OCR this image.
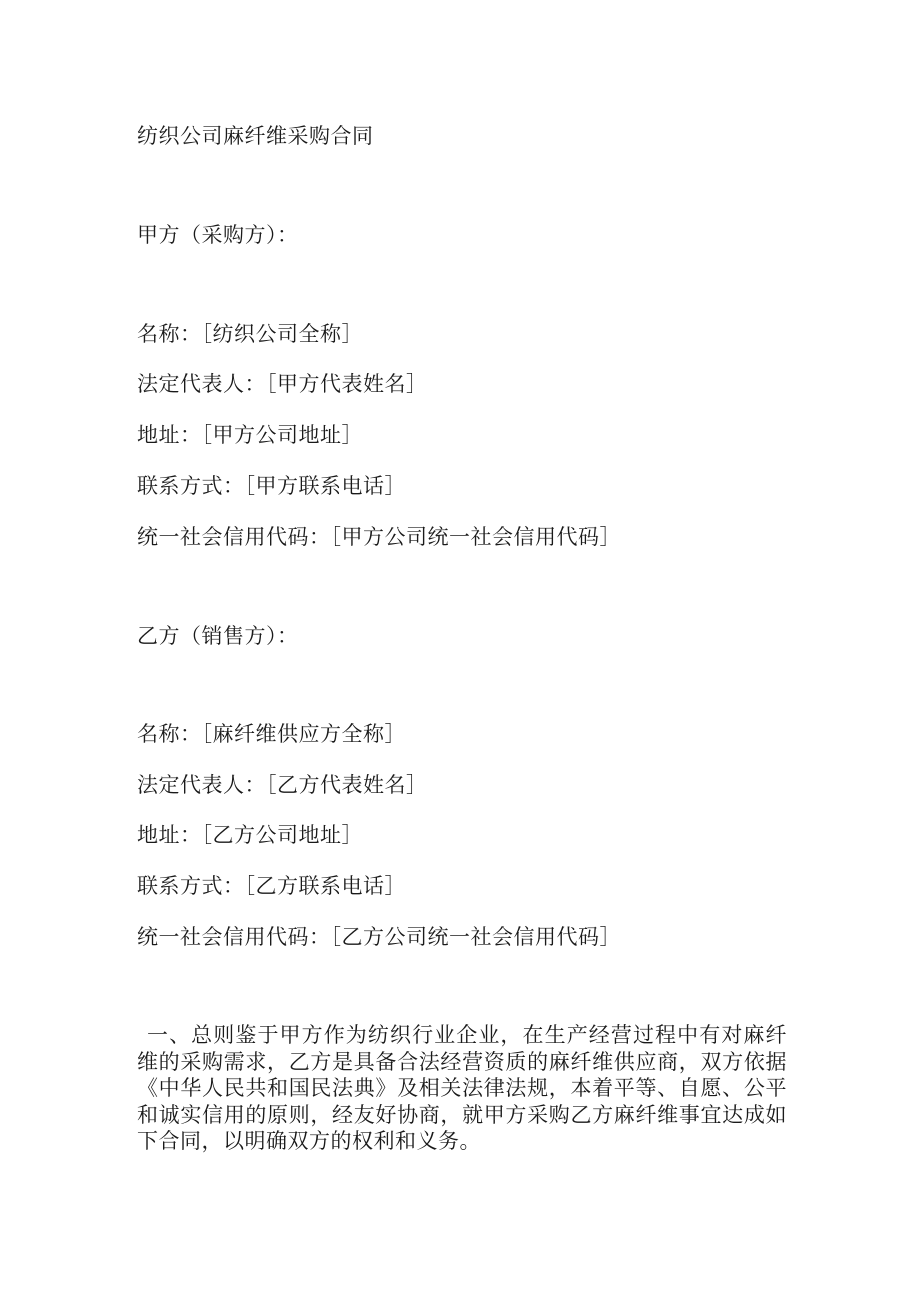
纺织公司麻纤维采购合同
甲方（采购方）：
名称：［纺织公司全称］
法定代表人：［甲方代表姓名］
地址：［甲方公司地址］
联系方式：［甲方联系电话］
统一社会信用代码：［甲方公司统一社会信用代码］
乙方（销售方）：
名称：［麻纤维供应方全称］
法定代表人：［乙方代表姓名］
地址：［乙方公司地址］
联系方式：［乙方联系电话］
统一社会信用代码：［乙方公司统一社会信用代码］
一、总则鉴于甲方作为纺织行业企业，在生产经营过程中有对麻纤维的采购需求，乙方是具备合法经营资质的麻纤维供应商，双方依据《中华人民共和国民法典》及相关法律法规，本着平等、自愿、公平和诚实信用的原则，经友好协商，就甲方采购乙方麻纤维事宜达成如下合同，以明确双方的权利和义务。
